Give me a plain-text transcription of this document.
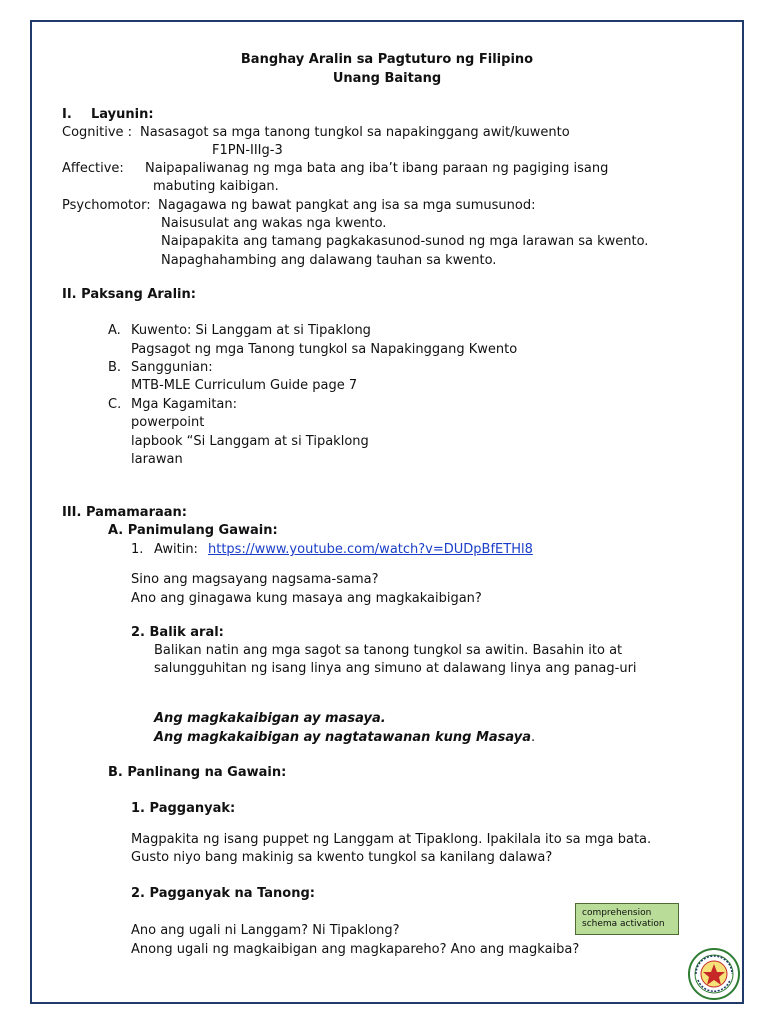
Banghay Aralin sa Pagtuturo ng Filipino
Unang Baitang
I. Layunin:
Cognitive : Nasasagot sa mga tanong tungkol sa napakinggang awit/kuwento
F1PN-IIIg-3
Affective: Naipapaliwanag ng mga bata ang iba’t ibang paraan ng pagiging isang
mabuting kaibigan.
Psychomotor: Nagagawa ng bawat pangkat ang isa sa mga sumusunod:
Naisusulat ang wakas nga kwento.
Naipapakita ang tamang pagkakasunod-sunod ng mga larawan sa kwento.
Napaghahambing ang dalawang tauhan sa kwento.
II. Paksang Aralin:
A. Kuwento: Si Langgam at si Tipaklong
Pagsagot ng mga Tanong tungkol sa Napakinggang Kwento
B. Sanggunian:
MTB-MLE Curriculum Guide page 7
C. Mga Kagamitan:
powerpoint
lapbook “Si Langgam at si Tipaklong
larawan
III. Pamamaraan:
A. Panimulang Gawain:
1. Awitin: https://www.youtube.com/watch?v=DUDpBfETHl8
Sino ang magsayang nagsama-sama?
Ano ang ginagawa kung masaya ang magkakaibigan?
2. Balik aral:
Balikan natin ang mga sagot sa tanong tungkol sa awitin. Basahin ito at
salungguhitan ng isang linya ang simuno at dalawang linya ang panag-uri
Ang magkakaibigan ay masaya.
Ang magkakaibigan ay nagtatawanan kung Masaya.
B. Panlinang na Gawain:
1. Pagganyak:
Magpakita ng isang puppet ng Langgam at Tipaklong. Ipakilala ito sa mga bata.
Gusto niyo bang makinig sa kwento tungkol sa kanilang dalawa?
2. Pagganyak na Tanong:
Ano ang ugali ni Langgam? Ni Tipaklong?
Anong ugali ng magkaibigan ang magkapareho? Ano ang magkaiba?
comprehension
schema activation
